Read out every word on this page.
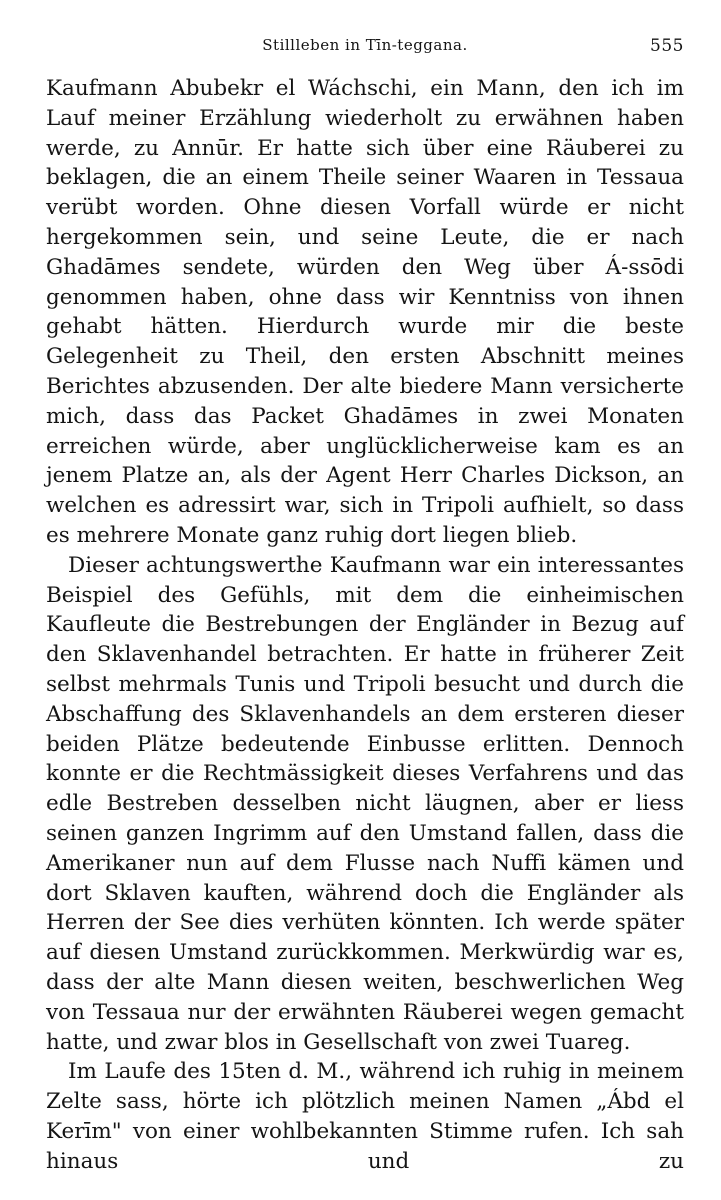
Stillleben in Tīn-teggana.	555

Kaufmann Abubekr el Wáchschi, ein Mann, den ich im Lauf meiner Erzählung wiederholt zu erwähnen haben werde, zu Annūr. Er hatte sich über eine Räuberei zu beklagen, die an einem Theile seiner Waaren in Tessaua verübt worden. Ohne diesen Vorfall würde er nicht hergekommen sein, und seine Leute, die er nach Ghadāmes sendete, würden den Weg über Á-ssōdi genommen haben, ohne dass wir Kenntniss von ihnen gehabt hätten. Hierdurch wurde mir die beste Gelegenheit zu Theil, den ersten Abschnitt meines Berichtes abzusenden. Der alte biedere Mann versicherte mich, dass das Packet Ghadāmes in zwei Monaten erreichen würde, aber unglücklicherweise kam es an jenem Platze an, als der Agent Herr Charles Dickson, an welchen es adressirt war, sich in Tripoli aufhielt, so dass es mehrere Monate ganz ruhig dort liegen blieb.

Dieser achtungswerthe Kaufmann war ein interessantes Beispiel des Gefühls, mit dem die einheimischen Kaufleute die Bestrebungen der Engländer in Bezug auf den Sklavenhandel betrachten. Er hatte in früherer Zeit selbst mehrmals Tunis und Tripoli besucht und durch die Abschaffung des Sklavenhandels an dem ersteren dieser beiden Plätze bedeutende Einbusse erlitten. Dennoch konnte er die Rechtmässigkeit dieses Verfahrens und das edle Bestreben desselben nicht läugnen, aber er liess seinen ganzen Ingrimm auf den Umstand fallen, dass die Amerikaner nun auf dem Flusse nach Nuffi kämen und dort Sklaven kauften, während doch die Engländer als Herren der See dies verhüten könnten. Ich werde später auf diesen Umstand zurückkommen. Merkwürdig war es, dass der alte Mann diesen weiten, beschwerlichen Weg von Tessaua nur der erwähnten Räuberei wegen gemacht hatte, und zwar blos in Gesellschaft von zwei Tuareg.

Im Laufe des 15ten d. M., während ich ruhig in meinem Zelte sass, hörte ich plötzlich meinen Namen „Ábd el Kerīm" von einer wohlbekannten Stimme rufen. Ich sah hinaus und zu
